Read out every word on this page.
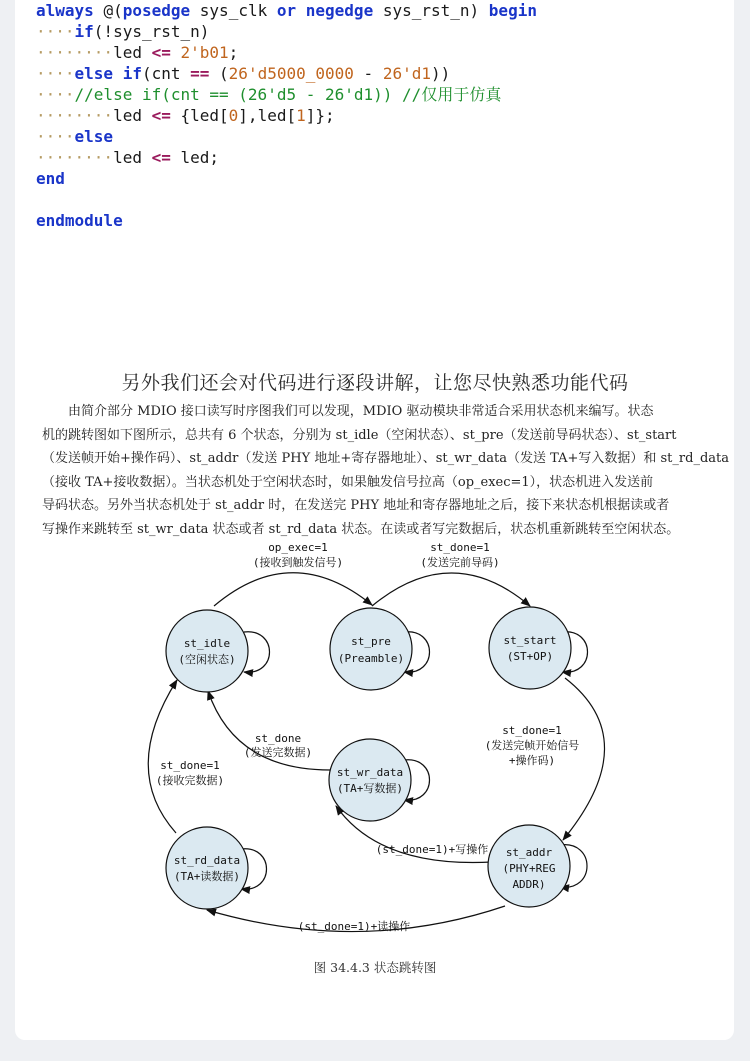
always @(posedge sys_clk or negedge sys_rst_n) begin
····if(!sys_rst_n)
········led <= 2'b01;
····else if(cnt == (26'd5000_0000 - 26'd1))
····//else if(cnt == (26'd5 - 26'd1)) //仅用于仿真
········led <= {led[0],led[1]};
····else
········led <= led;
end
endmodule
另外我们还会对代码进行逐段讲解，让您尽快熟悉功能代码
由简介部分 MDIO 接口读写时序图我们可以发现，MDIO 驱动模块非常适合采用状态机来编写。状态
机的跳转图如下图所示，总共有 6 个状态，分别为 st_idle（空闲状态）、st_pre（发送前导码状态）、st_start
（发送帧开始+操作码）、st_addr（发送 PHY 地址+寄存器地址）、st_wr_data（发送 TA+写入数据）和 st_rd_data
（接收 TA+接收数据）。当状态机处于空闲状态时，如果触发信号拉高（op_exec=1），状态机进入发送前
导码状态。另外当状态机处于 st_addr 时，在发送完 PHY 地址和寄存器地址之后，接下来状态机根据读或者
写操作来跳转至 st_wr_data 状态或者 st_rd_data 状态。在读或者写完数据后，状态机重新跳转至空闲状态。
st_idle
(空闲状态)
st_pre
(Preamble)
st_start
(ST+OP)
st_wr_data
(TA+写数据)
st_rd_data
(TA+读数据)
st_addr
(PHY+REG
ADDR)
op_exec=1
(接收到触发信号)
st_done=1
(发送完前导码)
st_done=1
(发送完帧开始信号
+操作码)
st_done
(发送完数据)
st_done=1
(接收完数据)
(st_done=1)+写操作
(st_done=1)+读操作
图 34.4.3 状态跳转图
